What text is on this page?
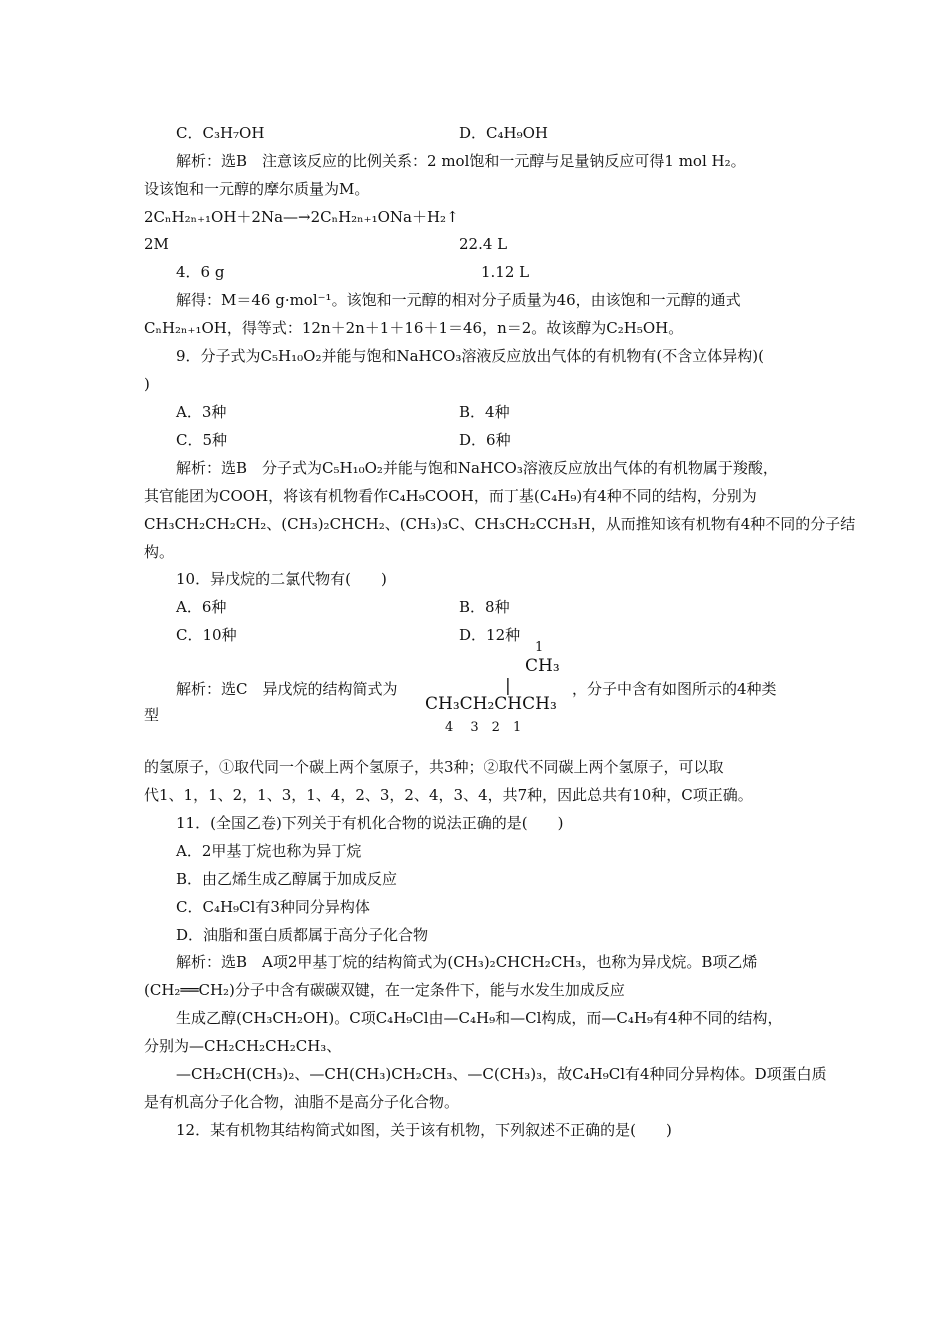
C．C₃H₇OH	D．C₄H₉OH
解析：选B　注意该反应的比例关系：2 mol饱和一元醇与足量钠反应可得1 mol H₂。
设该饱和一元醇的摩尔质量为M。
2CₙH₂ₙ₊₁OH＋2Na—→2CₙH₂ₙ₊₁ONa＋H₂↑
2M	22.4 L
4．6 g	1.12 L
解得：M＝46 g·mol⁻¹。该饱和一元醇的相对分子质量为46，由该饱和一元醇的通式
CₙH₂ₙ₊₁OH，得等式：12n＋2n＋1＋16＋1＝46，n＝2。故该醇为C₂H₅OH。
9．分子式为C₅H₁₀O₂并能与饱和NaHCO₃溶液反应放出气体的有机物有(不含立体异构)(
)
A．3种	B．4种
C．5种	D．6种
解析：选B　分子式为C₅H₁₀O₂并能与饱和NaHCO₃溶液反应放出气体的有机物属于羧酸，
其官能团为COOH，将该有机物看作C₄H₉COOH，而丁基(C₄H₉)有4种不同的结构，分别为
CH₃CH₂CH₂CH₂、(CH₃)₂CHCH₂、(CH₃)₃C、CH₃CH₂CCH₃H，从而推知该有机物有4种不同的分子结
构。
10．异戊烷的二氯代物有(　　)
A．6种	B．8种
C．10种	D．12种
解析：选C　异戊烷的结构简式为	，分子中含有如图所示的4种类
型
1
CH₃
|
CH₃CH₂CHCH₃
4　 3　2　1
的氢原子，①取代同一个碳上两个氢原子，共3种；②取代不同碳上两个氢原子，可以取
代1、1，1、2，1、3，1、4，2、3，2、4，3、4，共7种，因此总共有10种，C项正确。
11．(全国乙卷)下列关于有机化合物的说法正确的是(　　)
A．2甲基丁烷也称为异丁烷
B．由乙烯生成乙醇属于加成反应
C．C₄H₉Cl有3种同分异构体
D．油脂和蛋白质都属于高分子化合物
解析：选B　A项2甲基丁烷的结构简式为(CH₃)₂CHCH₂CH₃，也称为异戊烷。B项乙烯
(CH₂══CH₂)分子中含有碳碳双键，在一定条件下，能与水发生加成反应
生成乙醇(CH₃CH₂OH)。C项C₄H₉Cl由—C₄H₉和—Cl构成，而—C₄H₉有4种不同的结构，
分别为—CH₂CH₂CH₂CH₃、
—CH₂CH(CH₃)₂、—CH(CH₃)CH₂CH₃、—C(CH₃)₃，故C₄H₉Cl有4种同分异构体。D项蛋白质
是有机高分子化合物，油脂不是高分子化合物。
12．某有机物其结构简式如图，关于该有机物，下列叙述不正确的是(　　)
